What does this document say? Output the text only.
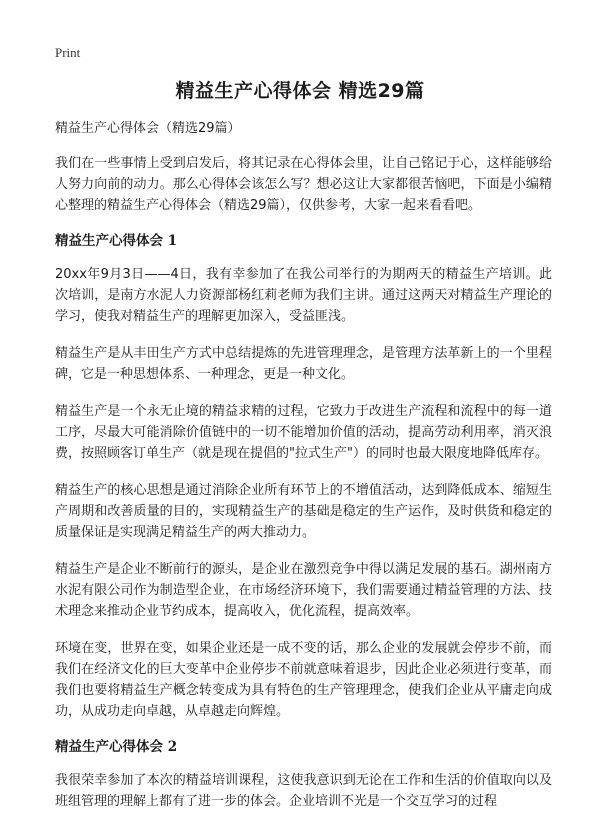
Print
精益生产心得体会 精选29篇

精益生产心得体会（精选29篇）

我们在一些事情上受到启发后，将其记录在心得体会里，让自己铭记于心，这样能够给人努力向前的动力。那么心得体会该怎么写？想必这让大家都很苦恼吧，下面是小编精心整理的精益生产心得体会（精选29篇），仅供参考，大家一起来看看吧。

精益生产心得体会 1

20xx年9月3日——4日，我有幸参加了在我公司举行的为期两天的精益生产培训。此次培训，是南方水泥人力资源部杨红莉老师为我们主讲。通过这两天对精益生产理论的学习，使我对精益生产的理解更加深入，受益匪浅。

精益生产是从丰田生产方式中总结提炼的先进管理理念，是管理方法革新上的一个里程碑，它是一种思想体系、一种理念，更是一种文化。

精益生产是一个永无止境的精益求精的过程，它致力于改进生产流程和流程中的每一道工序，尽最大可能消除价值链中的一切不能增加价值的活动，提高劳动利用率，消灭浪费，按照顾客订单生产（就是现在提倡的"拉式生产"）的同时也最大限度地降低库存。

精益生产的核心思想是通过消除企业所有环节上的不增值活动，达到降低成本、缩短生产周期和改善质量的目的，实现精益生产的基础是稳定的生产运作，及时供货和稳定的质量保证是实现满足精益生产的两大推动力。

精益生产是企业不断前行的源头，是企业在激烈竞争中得以满足发展的基石。湖州南方水泥有限公司作为制造型企业，在市场经济环境下，我们需要通过精益管理的方法、技术理念来推动企业节约成本，提高收入，优化流程，提高效率。

环境在变，世界在变，如果企业还是一成不变的话，那么企业的发展就会停步不前，而我们在经济文化的巨大变革中企业停步不前就意味着退步，因此企业必须进行变革，而我们也要将精益生产概念转变成为具有特色的生产管理理念，使我们企业从平庸走向成功，从成功走向卓越，从卓越走向辉煌。

精益生产心得体会 2

我很荣幸参加了本次的精益培训课程，这使我意识到无论在工作和生活的价值取向以及班组管理的理解上都有了进一步的体会。企业培训不光是一个交互学习的过程
